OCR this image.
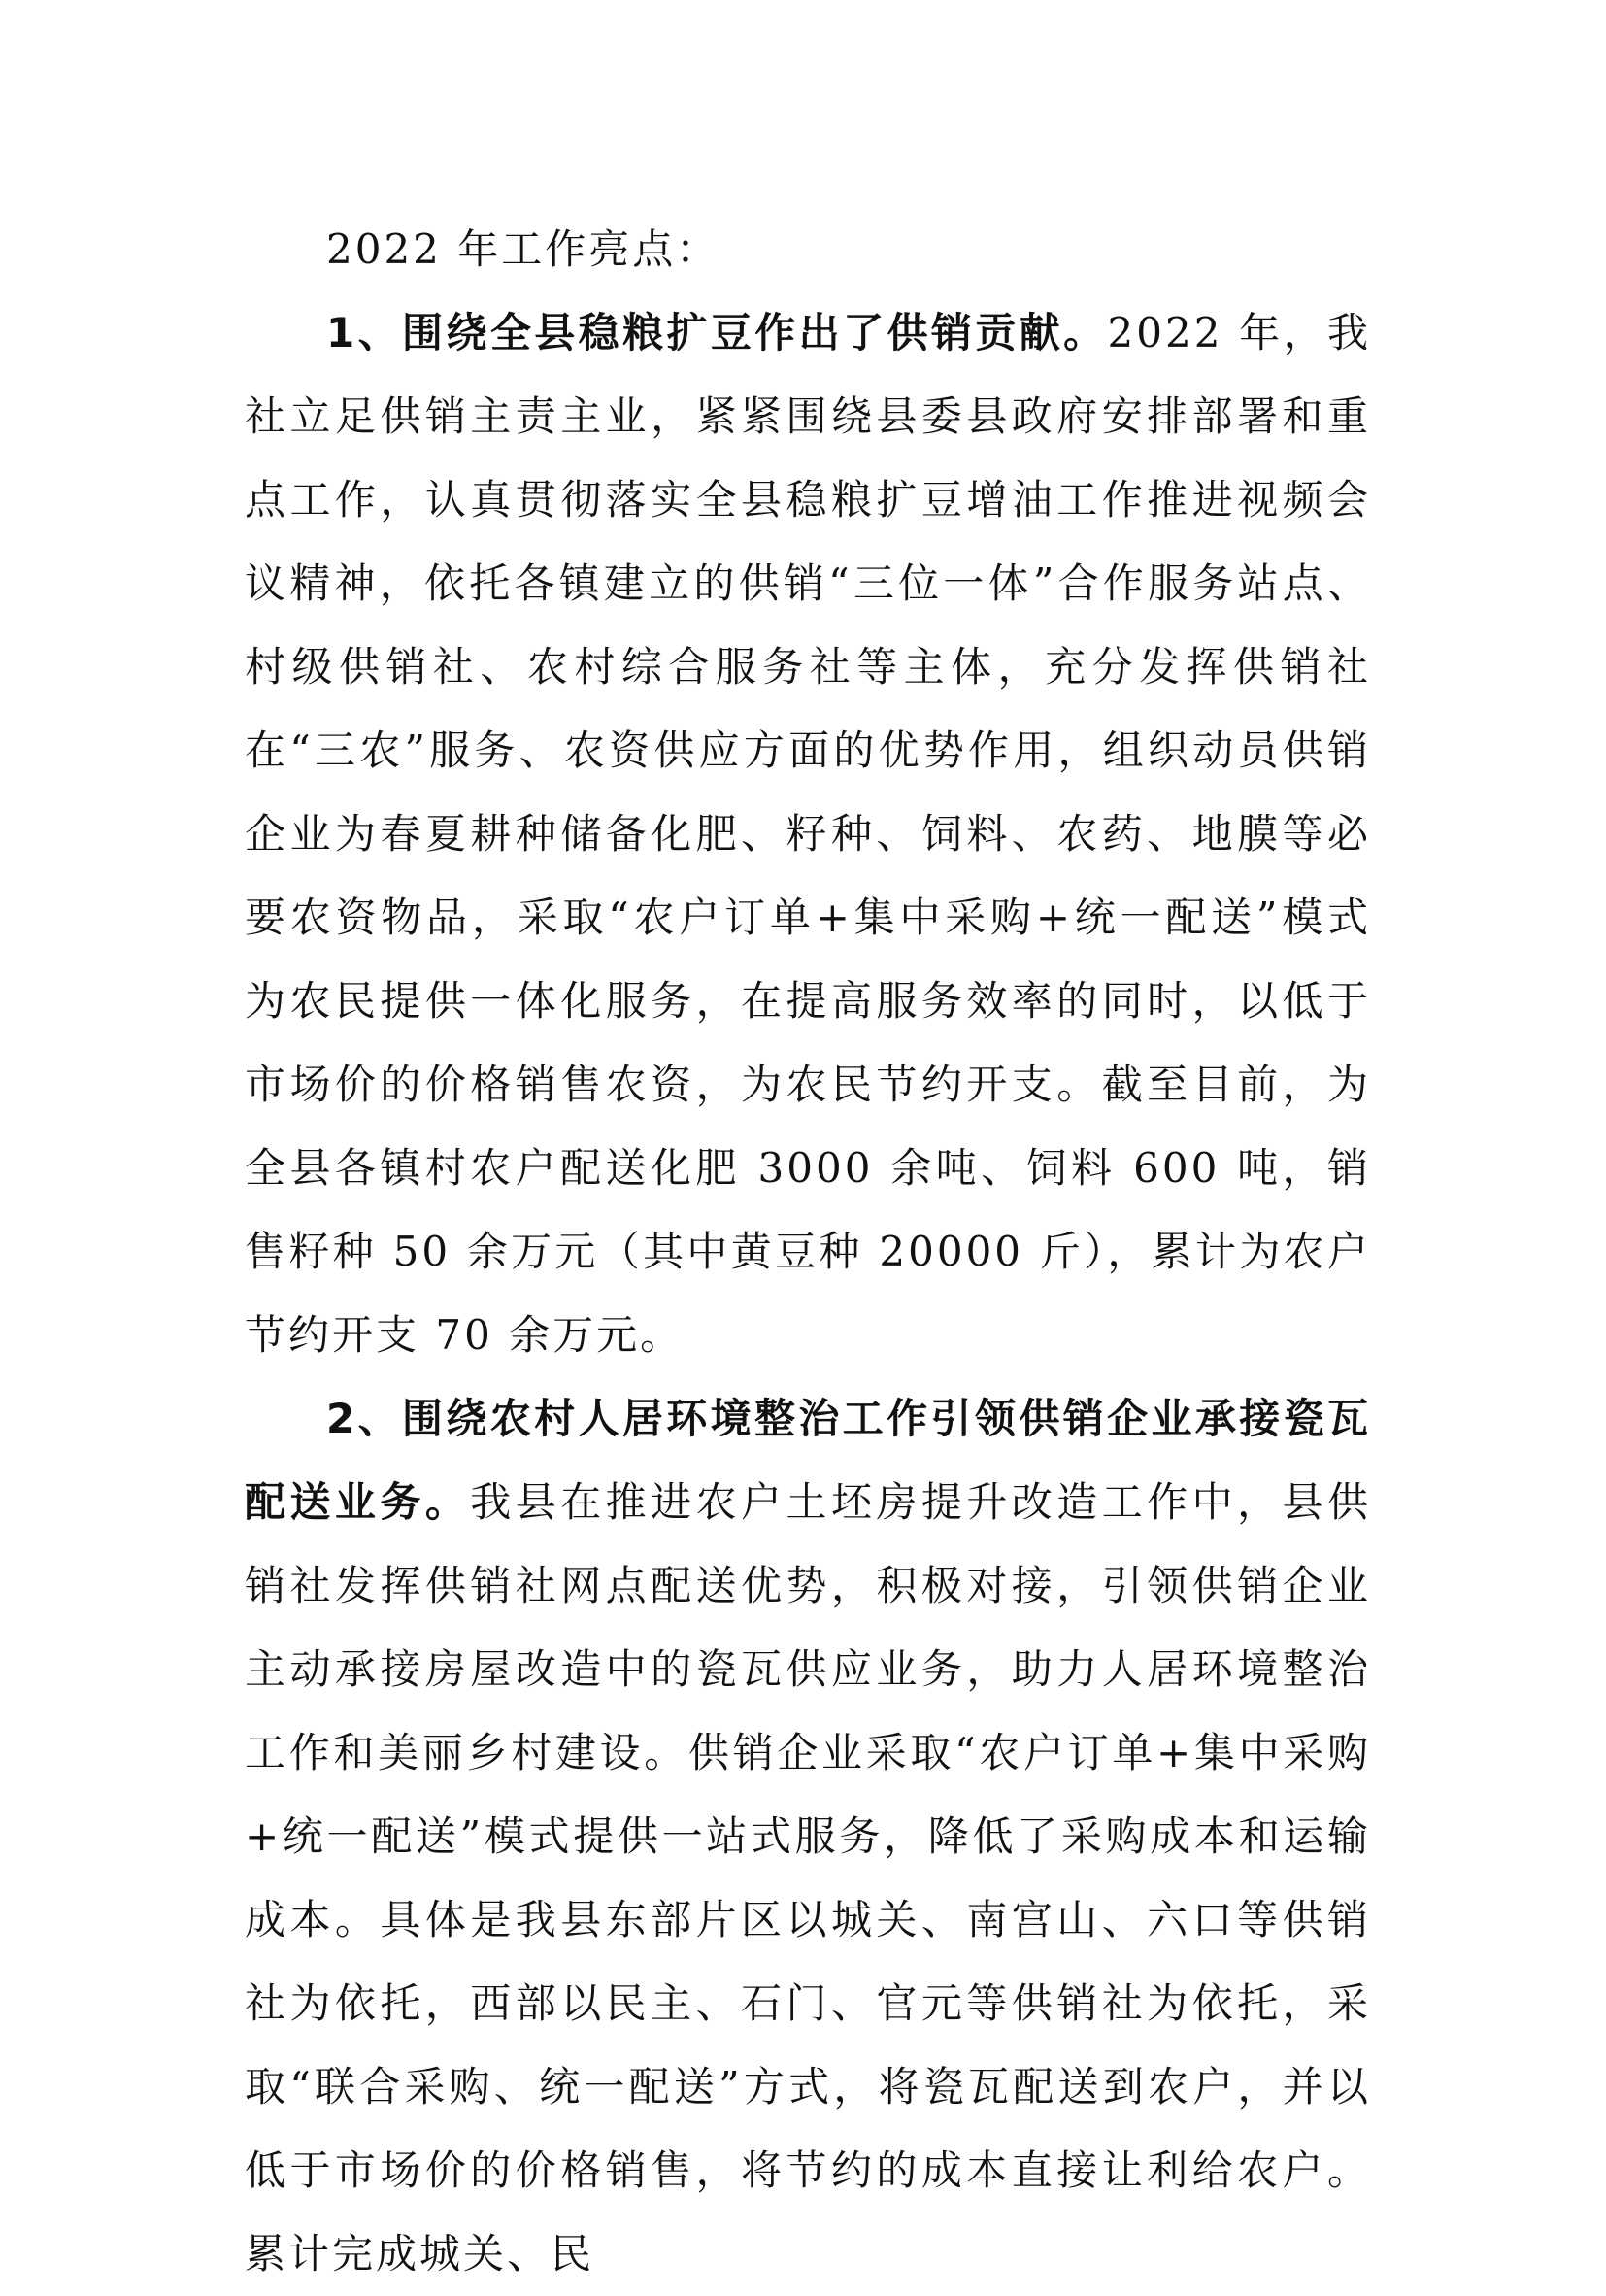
2022 年工作亮点：

1、围绕全县稳粮扩豆作出了供销贡献。2022 年，我社立足供销主责主业，紧紧围绕县委县政府安排部署和重点工作，认真贯彻落实全县稳粮扩豆增油工作推进视频会议精神，依托各镇建立的供销“三位一体”合作服务站点、村级供销社、农村综合服务社等主体，充分发挥供销社在“三农”服务、农资供应方面的优势作用，组织动员供销企业为春夏耕种储备化肥、籽种、饲料、农药、地膜等必要农资物品，采取“农户订单+集中采购+统一配送”模式为农民提供一体化服务，在提高服务效率的同时，以低于市场价的价格销售农资，为农民节约开支。截至目前，为全县各镇村农户配送化肥 3000 余吨、饲料 600 吨，销售籽种 50 余万元（其中黄豆种 20000 斤），累计为农户节约开支 70 余万元。

2、围绕农村人居环境整治工作引领供销企业承接瓷瓦配送业务。我县在推进农户土坯房提升改造工作中，县供销社发挥供销社网点配送优势，积极对接，引领供销企业主动承接房屋改造中的瓷瓦供应业务，助力人居环境整治工作和美丽乡村建设。供销企业采取“农户订单+集中采购+统一配送”模式提供一站式服务，降低了采购成本和运输成本。具体是我县东部片区以城关、南宫山、六口等供销社为依托，西部以民主、石门、官元等供销社为依托，采取“联合采购、统一配送”方式，将瓷瓦配送到农户，并以低于市场价的价格销售，将节约的成本直接让利给农户。累计完成城关、民
